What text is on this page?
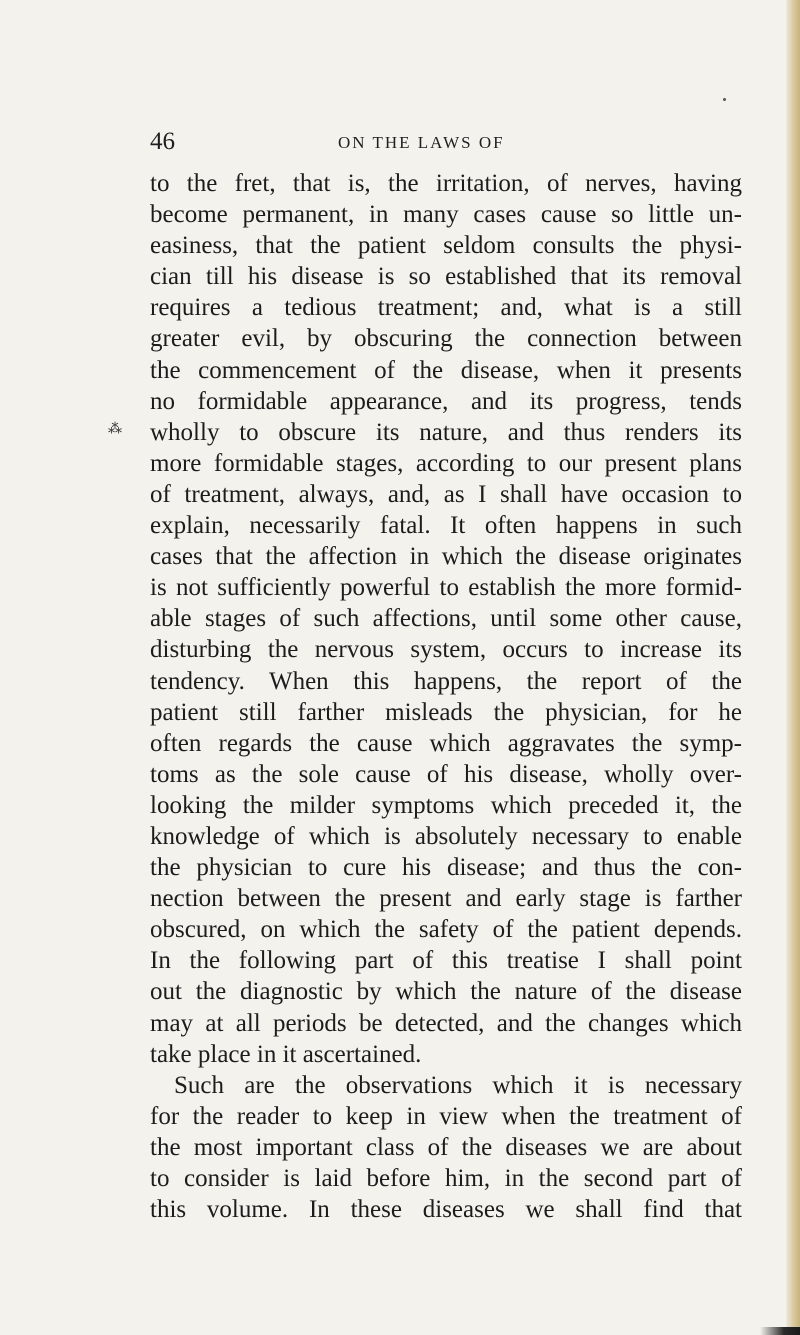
46	ON THE LAWS OF
⁂
to the fret, that is, the irritation, of nerves, having
become permanent, in many cases cause so little un-
easiness, that the patient seldom consults the physi-
cian till his disease is so established that its removal
requires a tedious treatment; and, what is a still
greater evil, by obscuring the connection between
the commencement of the disease, when it presents
no formidable appearance, and its progress, tends
wholly to obscure its nature, and thus renders its
more formidable stages, according to our present plans
of treatment, always, and, as I shall have occasion to
explain, necessarily fatal. It often happens in such
cases that the affection in which the disease originates
is not sufficiently powerful to establish the more formid-
able stages of such affections, until some other cause,
disturbing the nervous system, occurs to increase its
tendency. When this happens, the report of the
patient still farther misleads the physician, for he
often regards the cause which aggravates the symp-
toms as the sole cause of his disease, wholly over-
looking the milder symptoms which preceded it, the
knowledge of which is absolutely necessary to enable
the physician to cure his disease; and thus the con-
nection between the present and early stage is farther
obscured, on which the safety of the patient depends.
In the following part of this treatise I shall point
out the diagnostic by which the nature of the disease
may at all periods be detected, and the changes which
take place in it ascertained.
Such are the observations which it is necessary
for the reader to keep in view when the treatment of
the most important class of the diseases we are about
to consider is laid before him, in the second part of
this volume. In these diseases we shall find that
